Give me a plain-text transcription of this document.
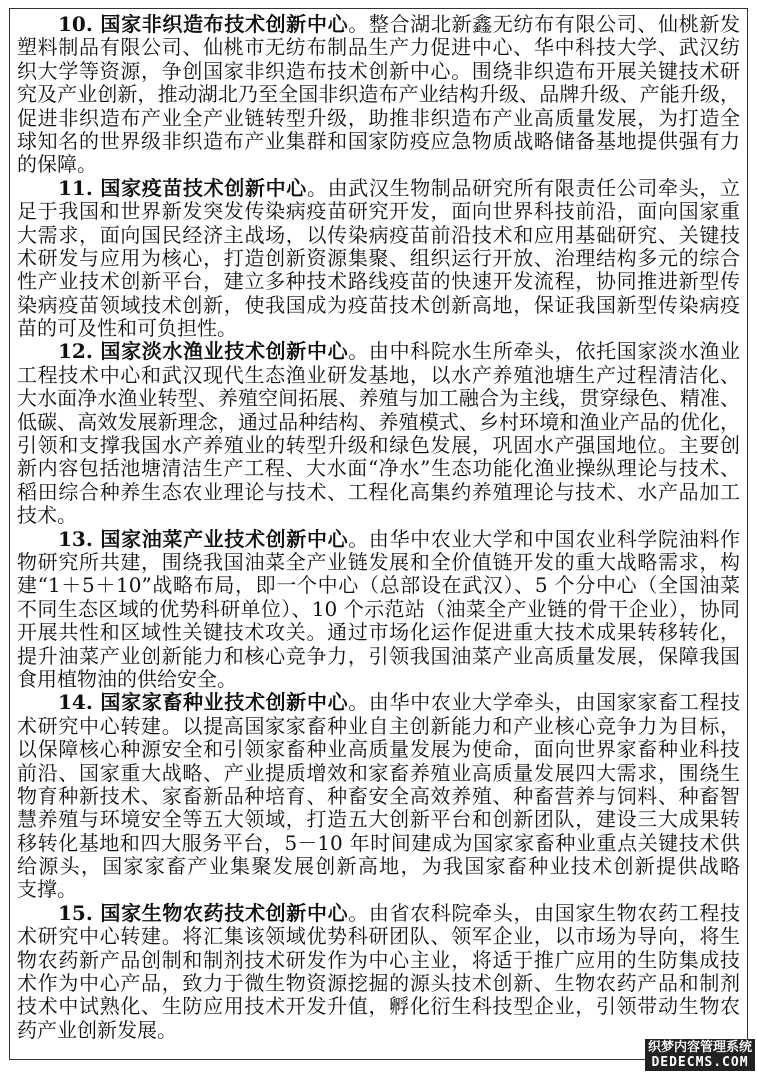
10. 国家非织造布技术创新中心。整合湖北新鑫无纺布有限公司、仙桃新发
塑料制品有限公司、仙桃市无纺布制品生产力促进中心、华中科技大学、武汉纺
织大学等资源，争创国家非织造布技术创新中心。围绕非织造布开展关键技术研
究及产业创新，推动湖北乃至全国非织造布产业结构升级、品牌升级、产能升级，
促进非织造布产业全产业链转型升级，助推非织造布产业高质量发展，为打造全
球知名的世界级非织造布产业集群和国家防疫应急物质战略储备基地提供强有力
的保障。
11. 国家疫苗技术创新中心。由武汉生物制品研究所有限责任公司牵头，立
足于我国和世界新发突发传染病疫苗研究开发，面向世界科技前沿，面向国家重
大需求，面向国民经济主战场，以传染病疫苗前沿技术和应用基础研究、关键技
术研发与应用为核心，打造创新资源集聚、组织运行开放、治理结构多元的综合
性产业技术创新平台，建立多种技术路线疫苗的快速开发流程，协同推进新型传
染病疫苗领域技术创新，使我国成为疫苗技术创新高地，保证我国新型传染病疫
苗的可及性和可负担性。
12. 国家淡水渔业技术创新中心。由中科院水生所牵头，依托国家淡水渔业
工程技术中心和武汉现代生态渔业研发基地，以水产养殖池塘生产过程清洁化、
大水面净水渔业转型、养殖空间拓展、养殖与加工融合为主线，贯穿绿色、精准、
低碳、高效发展新理念，通过品种结构、养殖模式、乡村环境和渔业产品的优化，
引领和支撑我国水产养殖业的转型升级和绿色发展，巩固水产强国地位。主要创
新内容包括池塘清洁生产工程、大水面“净水”生态功能化渔业操纵理论与技术、
稻田综合种养生态农业理论与技术、工程化高集约养殖理论与技术、水产品加工
技术。
13. 国家油菜产业技术创新中心。由华中农业大学和中国农业科学院油料作
物研究所共建，围绕我国油菜全产业链发展和全价值链开发的重大战略需求，构
建“1＋5＋10”战略布局，即一个中心（总部设在武汉）、5 个分中心（全国油菜
不同生态区域的优势科研单位）、10 个示范站（油菜全产业链的骨干企业），协同
开展共性和区域性关键技术攻关。通过市场化运作促进重大技术成果转移转化，
提升油菜产业创新能力和核心竞争力，引领我国油菜产业高质量发展，保障我国
食用植物油的供给安全。
14. 国家家畜种业技术创新中心。由华中农业大学牵头，由国家家畜工程技
术研究中心转建。以提高国家家畜种业自主创新能力和产业核心竞争力为目标，
以保障核心种源安全和引领家畜种业高质量发展为使命，面向世界家畜种业科技
前沿、国家重大战略、产业提质增效和家畜养殖业高质量发展四大需求，围绕生
物育种新技术、家畜新品种培育、种畜安全高效养殖、种畜营养与饲料、种畜智
慧养殖与环境安全等五大领域，打造五大创新平台和创新团队，建设三大成果转
移转化基地和四大服务平台，5－10 年时间建成为国家家畜种业重点关键技术供
给源头，国家家畜产业集聚发展创新高地，为我国家畜种业技术创新提供战略
支撑。
15. 国家生物农药技术创新中心。由省农科院牵头，由国家生物农药工程技
术研究中心转建。将汇集该领域优势科研团队、领军企业，以市场为导向，将生
物农药新产品创制和制剂技术研发作为中心主业，将适于推广应用的生防集成技
术作为中心产品，致力于微生物资源挖掘的源头技术创新、生物农药产品和制剂
技术中试熟化、生防应用技术开发升值，孵化衍生科技型企业，引领带动生物农
药产业创新发展。
织梦内容管理系统
DEDECMS.COM
